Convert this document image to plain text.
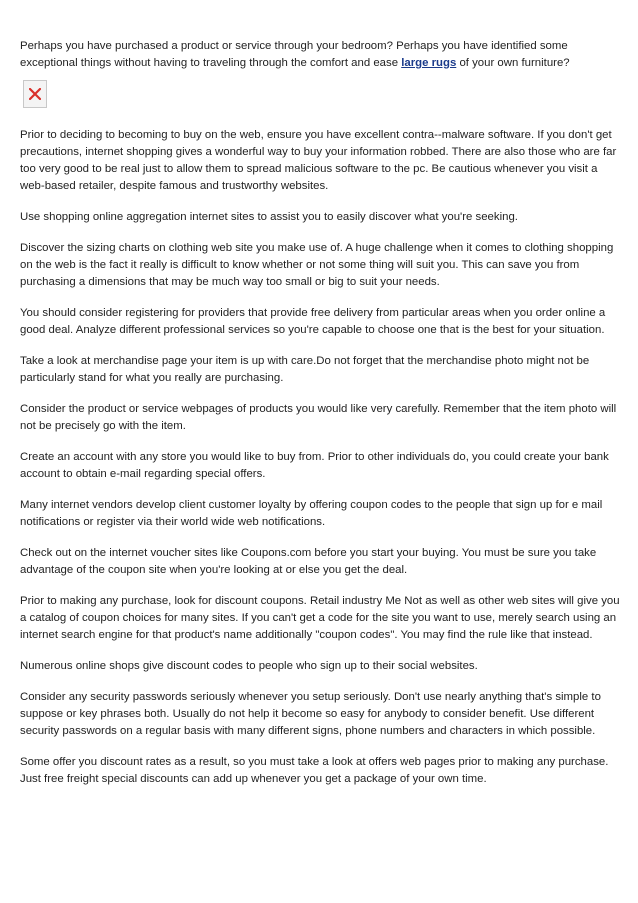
Perhaps you have purchased a product or service through your bedroom? Perhaps you have identified some exceptional things without having to traveling through the comfort and ease large rugs of your own furniture?

Prior to deciding to becoming to buy on the web, ensure you have excellent contra--malware software. If you don't get precautions, internet shopping gives a wonderful way to buy your information robbed. There are also those who are far too very good to be real just to allow them to spread malicious software to the pc. Be cautious whenever you visit a web-based retailer, despite famous and trustworthy websites.

Use shopping online aggregation internet sites to assist you to easily discover what you're seeking.

Discover the sizing charts on clothing web site you make use of. A huge challenge when it comes to clothing shopping on the web is the fact it really is difficult to know whether or not some thing will suit you. This can save you from purchasing a dimensions that may be much way too small or big to suit your needs.

You should consider registering for providers that provide free delivery from particular areas when you order online a good deal. Analyze different professional services so you're capable to choose one that is the best for your situation.

Take a look at merchandise page your item is up with care.Do not forget that the merchandise photo might not be particularly stand for what you really are purchasing.

Consider the product or service webpages of products you would like very carefully. Remember that the item photo will not be precisely go with the item.

Create an account with any store you would like to buy from. Prior to other individuals do, you could create your bank account to obtain e-mail regarding special offers.

Many internet vendors develop client customer loyalty by offering coupon codes to the people that sign up for e mail notifications or register via their world wide web notifications.

Check out on the internet voucher sites like Coupons.com before you start your buying. You must be sure you take advantage of the coupon site when you're looking at or else you get the deal.

Prior to making any purchase, look for discount coupons. Retail industry Me Not as well as other web sites will give you a catalog of coupon choices for many sites. If you can't get a code for the site you want to use, merely search using an internet search engine for that product's name additionally "coupon codes". You may find the rule like that instead.

Numerous online shops give discount codes to people who sign up to their social websites.

Consider any security passwords seriously whenever you setup seriously. Don't use nearly anything that's simple to suppose or key phrases both. Usually do not help it become so easy for anybody to consider benefit. Use different security passwords on a regular basis with many different signs, phone numbers and characters in which possible.

Some offer you discount rates as a result, so you must take a look at offers web pages prior to making any purchase. Just free freight special discounts can add up whenever you get a package of your own time.
